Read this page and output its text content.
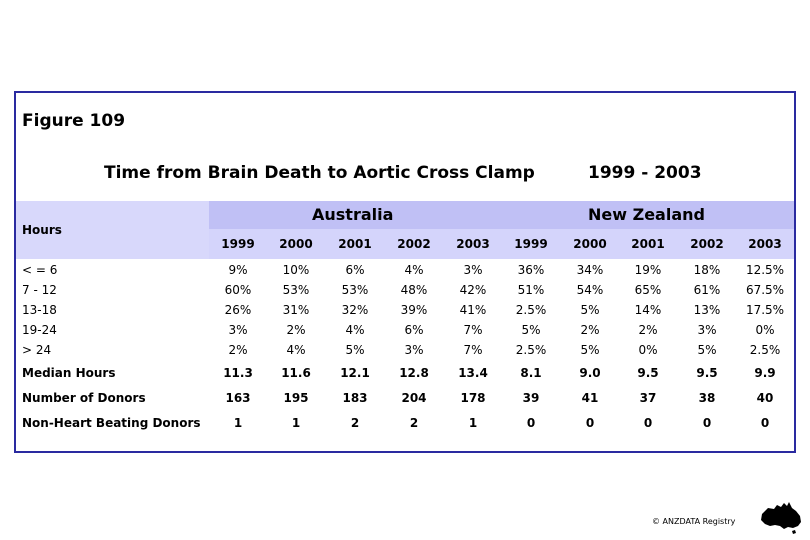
Figure 109
Time from Brain Death to Aortic Cross Clamp	1999 - 2003
Hours
Australia	New Zealand
1999	2000	2001	2002	2003	1999	2000	2001	2002	2003
< = 6	9%	10%	6%	4%	3%	36%	34%	19%	18%	12.5%
7 - 12	60%	53%	53%	48%	42%	51%	54%	65%	61%	67.5%
13-18	26%	31%	32%	39%	41%	2.5%	5%	14%	13%	17.5%
19-24	3%	2%	4%	6%	7%	5%	2%	2%	3%	0%
> 24	2%	4%	5%	3%	7%	2.5%	5%	0%	5%	2.5%
Median Hours	11.3	11.6	12.1	12.8	13.4	8.1	9.0	9.5	9.5	9.9
Number of Donors	163	195	183	204	178	39	41	37	38	40
Non-Heart Beating Donors	1	1	2	2	1	0	0	0	0	0
© ANZDATA Registry
